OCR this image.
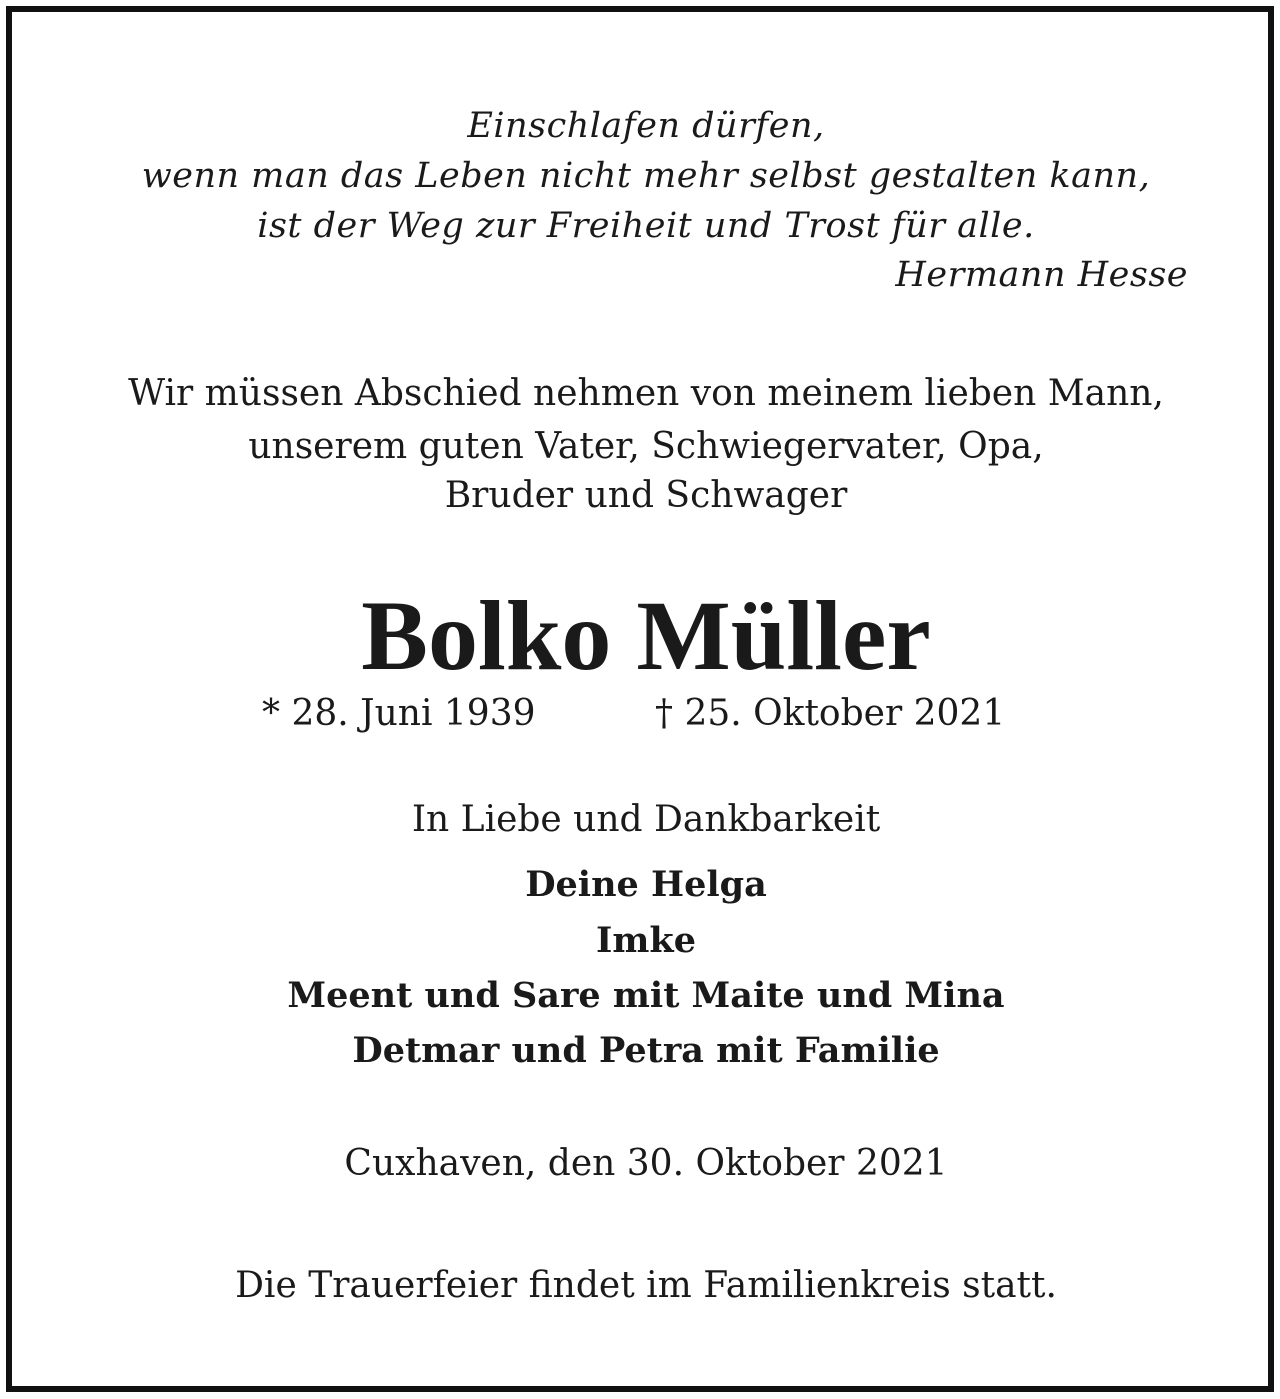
Einschlafen dürfen,

wenn man das Leben nicht mehr selbst gestalten kann,

ist der Weg zur Freiheit und Trost für alle.

Hermann Hesse

Wir müssen Abschied nehmen von meinem lieben Mann,

unserem guten Vater, Schwiegervater, Opa,

Bruder und Schwager

Bolko Müller

* 28. Juni 1939	† 25. Oktober 2021

In Liebe und Dankbarkeit

Deine Helga

Imke

Meent und Sare mit Maite und Mina

Detmar und Petra mit Familie

Cuxhaven, den 30. Oktober 2021

Die Trauerfeier findet im Familienkreis statt.
